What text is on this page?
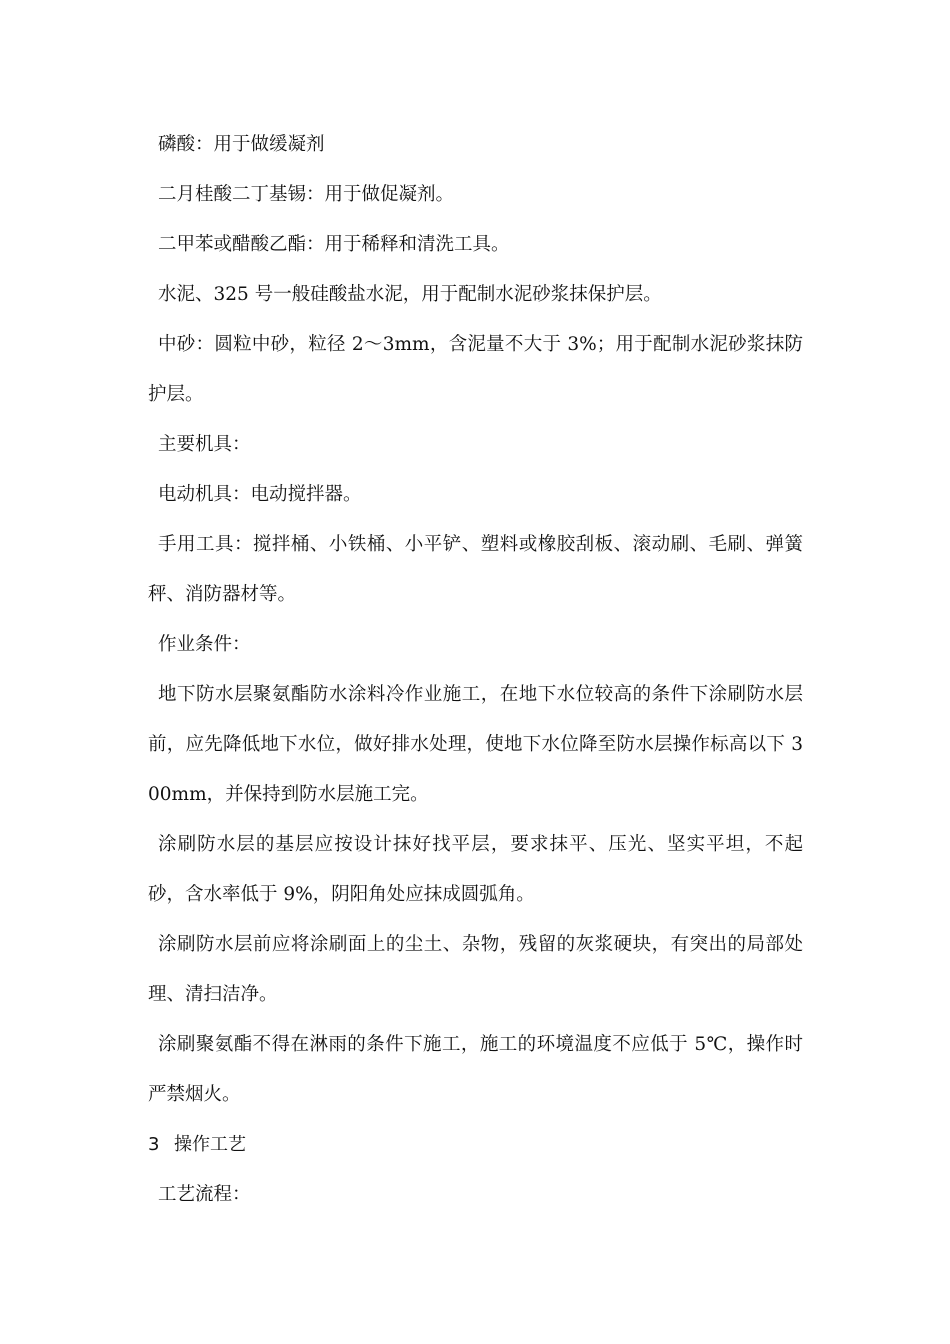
磷酸：用于做缓凝剂

二月桂酸二丁基锡：用于做促凝剂。

二甲苯或醋酸乙酯：用于稀释和清洗工具。

水泥、325 号一般硅酸盐水泥，用于配制水泥砂浆抹保护层。

中砂：圆粒中砂，粒径 2～3mm，含泥量不大于 3%；用于配制水泥砂浆抹防护层。

主要机具：

电动机具：电动搅拌器。

手用工具：搅拌桶、小铁桶、小平铲、塑料或橡胶刮板、滚动刷、毛刷、弹簧秤、消防器材等。

作业条件：

地下防水层聚氨酯防水涂料冷作业施工，在地下水位较高的条件下涂刷防水层前，应先降低地下水位，做好排水处理，使地下水位降至防水层操作标高以下 300mm，并保持到防水层施工完。

涂刷防水层的基层应按设计抹好找平层，要求抹平、压光、坚实平坦，不起砂，含水率低于 9%，阴阳角处应抹成圆弧角。

涂刷防水层前应将涂刷面上的尘土、杂物，残留的灰浆硬块，有突出的局部处理、清扫洁净。

涂刷聚氨酯不得在淋雨的条件下施工，施工的环境温度不应低于 5℃，操作时严禁烟火。

3 操作工艺

工艺流程：
